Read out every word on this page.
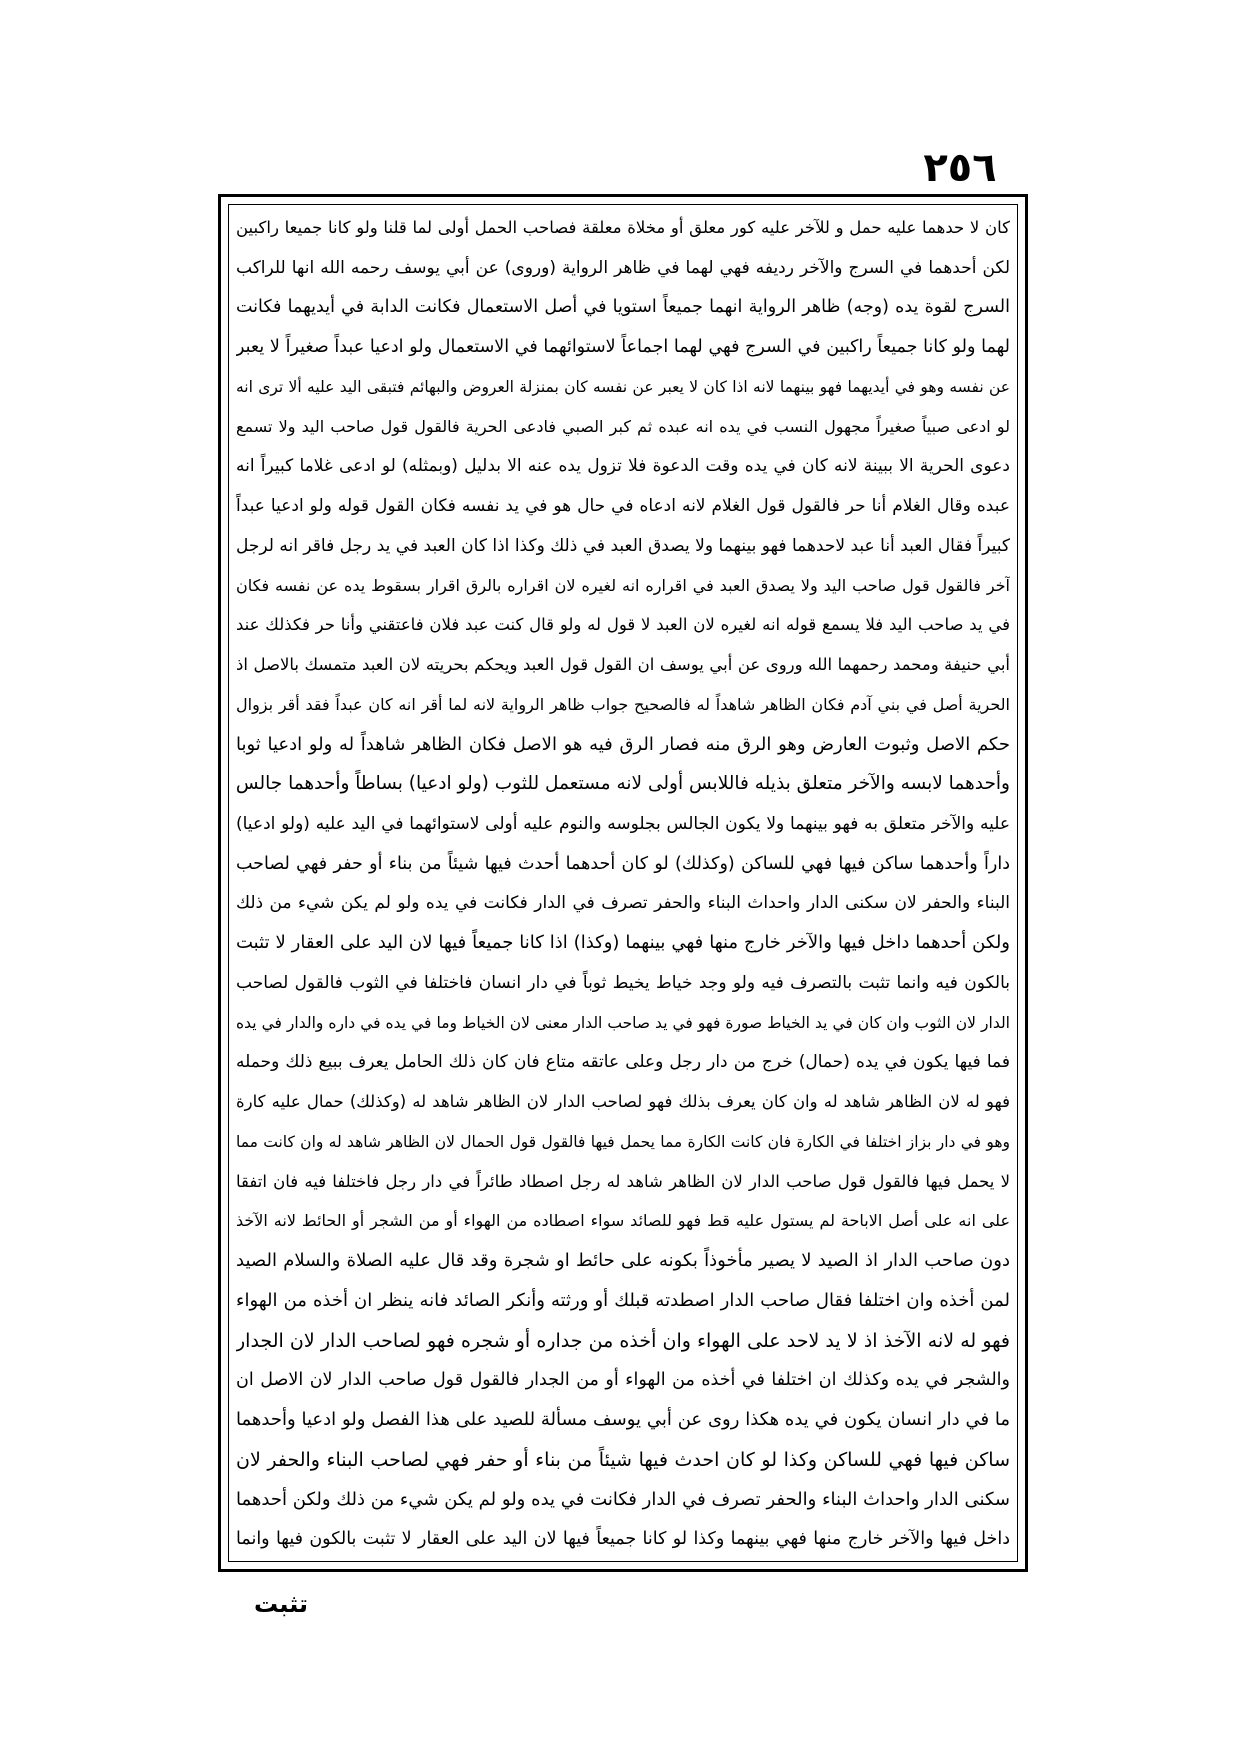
٢٥٦
كان لا حدهما عليه حمل و للآخر عليه كور معلق أو مخلاة معلقة فصاحب الحمل أولى لما قلنا ولو كانا جميعا راكبين
لكن أحدهما في السرج والآخر رديفه فهي لهما في ظاهر الرواية (وروى) عن أبي يوسف رحمه الله انها للراكب
السرج لقوة يده (وجه) ظاهر الرواية انهما جميعاً استويا في أصل الاستعمال فكانت الدابة في أيديهما فكانت
لهما ولو كانا جميعاً راكبين في السرج فهي لهما اجماعاً لاستوائهما في الاستعمال ولو ادعيا عبداً صغيراً لا يعبر
عن نفسه وهو في أيديهما فهو بينهما لانه اذا كان لا يعبر عن نفسه كان بمنزلة العروض والبهائم فتبقى اليد عليه ألا ترى انه
لو ادعى صبياً صغيراً مجهول النسب في يده انه عبده ثم كبر الصبي فادعى الحرية فالقول قول صاحب اليد ولا تسمع
دعوى الحرية الا ببينة لانه كان في يده وقت الدعوة فلا تزول يده عنه الا بدليل (وبمثله) لو ادعى غلاما كبيراً انه
عبده وقال الغلام أنا حر فالقول قول الغلام لانه ادعاه في حال هو في يد نفسه فكان القول قوله ولو ادعيا عبداً
كبيراً فقال العبد أنا عبد لاحدهما فهو بينهما ولا يصدق العبد في ذلك وكذا اذا كان العبد في يد رجل فاقر انه لرجل
آخر فالقول قول صاحب اليد ولا يصدق العبد في اقراره انه لغيره لان اقراره بالرق اقرار بسقوط يده عن نفسه فكان
في يد صاحب اليد فلا يسمع قوله انه لغيره لان العبد لا قول له ولو قال كنت عبد فلان فاعتقني وأنا حر فكذلك عند
أبي حنيفة ومحمد رحمهما الله وروى عن أبي يوسف ان القول قول العبد ويحكم بحريته لان العبد متمسك بالاصل اذ
الحرية أصل في بني آدم فكان الظاهر شاهداً له فالصحيح جواب ظاهر الرواية لانه لما أقر انه كان عبداً فقد أقر بزوال
حكم الاصل وثبوت العارض وهو الرق منه فصار الرق فيه هو الاصل فكان الظاهر شاهداً له ولو ادعيا ثوبا
وأحدهما لابسه والآخر متعلق بذيله فاللابس أولى لانه مستعمل للثوب (ولو ادعيا) بساطاً وأحدهما جالس
عليه والآخر متعلق به فهو بينهما ولا يكون الجالس بجلوسه والنوم عليه أولى لاستوائهما في اليد عليه (ولو ادعيا)
داراً وأحدهما ساكن فيها فهي للساكن (وكذلك) لو كان أحدهما أحدث فيها شيئاً من بناء أو حفر فهي لصاحب
البناء والحفر لان سكنى الدار واحداث البناء والحفر تصرف في الدار فكانت في يده ولو لم يكن شيء من ذلك
ولكن أحدهما داخل فيها والآخر خارج منها فهي بينهما (وكذا) اذا كانا جميعاً فيها لان اليد على العقار لا تثبت
بالكون فيه وانما تثبت بالتصرف فيه ولو وجد خياط يخيط ثوباً في دار انسان فاختلفا في الثوب فالقول لصاحب
الدار لان الثوب وان كان في يد الخياط صورة فهو في يد صاحب الدار معنى لان الخياط وما في يده في داره والدار في يده
فما فيها يكون في يده (حمال) خرج من دار رجل وعلى عاتقه متاع فان كان ذلك الحامل يعرف ببيع ذلك وحمله
فهو له لان الظاهر شاهد له وان كان يعرف بذلك فهو لصاحب الدار لان الظاهر شاهد له (وكذلك) حمال عليه كارة
وهو في دار بزاز اختلفا في الكارة فان كانت الكارة مما يحمل فيها فالقول قول الحمال لان الظاهر شاهد له وان كانت مما
لا يحمل فيها فالقول قول صاحب الدار لان الظاهر شاهد له رجل اصطاد طائراً في دار رجل فاختلفا فيه فان اتفقا
على انه على أصل الاباحة لم يستول عليه قط فهو للصائد سواء اصطاده من الهواء أو من الشجر أو الحائط لانه الآخذ
دون صاحب الدار اذ الصيد لا يصير مأخوذاً بكونه على حائط او شجرة وقد قال عليه الصلاة والسلام الصيد
لمن أخذه وان اختلفا فقال صاحب الدار اصطدته قبلك أو ورثته وأنكر الصائد فانه ينظر ان أخذه من الهواء
فهو له لانه الآخذ اذ لا يد لاحد على الهواء وان أخذه من جداره أو شجره فهو لصاحب الدار لان الجدار
والشجر في يده وكذلك ان اختلفا في أخذه من الهواء أو من الجدار فالقول قول صاحب الدار لان الاصل ان
ما في دار انسان يكون في يده هكذا روى عن أبي يوسف مسألة للصيد على هذا الفصل ولو ادعيا وأحدهما
ساكن فيها فهي للساكن وكذا لو كان احدث فيها شيئاً من بناء أو حفر فهي لصاحب البناء والحفر لان
سكنى الدار واحداث البناء والحفر تصرف في الدار فكانت في يده ولو لم يكن شيء من ذلك ولكن أحدهما
داخل فيها والآخر خارج منها فهي بينهما وكذا لو كانا جميعاً فيها لان اليد على العقار لا تثبت بالكون فيها وانما
تثبت
